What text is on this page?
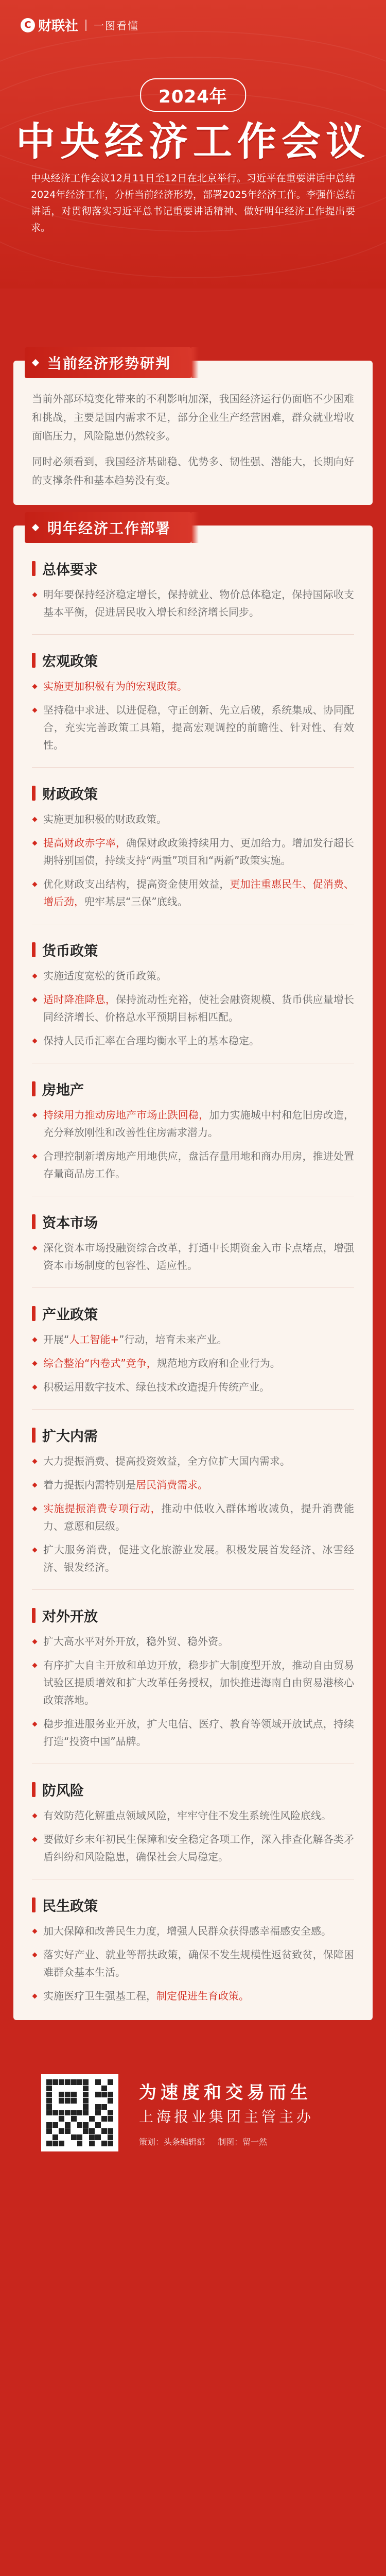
C 财联社 一图看懂
2024年
中央经济工作会议
中央经济工作会议12月11日至12日在北京举行。习近平在重要讲话中总结2024年经济工作，分析当前经济形势，部署2025年经济工作。李强作总结讲话，对贯彻落实习近平总书记重要讲话精神、做好明年经济工作提出要求。
当前经济形势研判

当前外部环境变化带来的不利影响加深，我国经济运行仍面临不少困难和挑战，主要是国内需求不足，部分企业生产经营困难，群众就业增收面临压力，风险隐患仍然较多。

同时必须看到，我国经济基础稳、优势多、韧性强、潜能大，长期向好的支撑条件和基本趋势没有变。

明年经济工作部署
总体要求
明年要保持经济稳定增长，保持就业、物价总体稳定，保持国际收支基本平衡，促进居民收入增长和经济增长同步。
宏观政策
实施更加积极有为的宏观政策。
坚持稳中求进、以进促稳，守正创新、先立后破，系统集成、协同配合，充实完善政策工具箱，提高宏观调控的前瞻性、针对性、有效性。
财政政策
实施更加积极的财政政策。
提高财政赤字率，确保财政政策持续用力、更加给力。增加发行超长期特别国债，持续支持“两重”项目和“两新”政策实施。
优化财政支出结构，提高资金使用效益，更加注重惠民生、促消费、增后劲，兜牢基层“三保”底线。
货币政策
实施适度宽松的货币政策。
适时降准降息，保持流动性充裕，使社会融资规模、货币供应量增长同经济增长、价格总水平预期目标相匹配。
保持人民币汇率在合理均衡水平上的基本稳定。
房地产
持续用力推动房地产市场止跌回稳，加力实施城中村和危旧房改造，充分释放刚性和改善性住房需求潜力。
合理控制新增房地产用地供应，盘活存量用地和商办用房，推进处置存量商品房工作。
资本市场
深化资本市场投融资综合改革，打通中长期资金入市卡点堵点，增强资本市场制度的包容性、适应性。
产业政策
开展“人工智能+”行动，培育未来产业。
综合整治“内卷式”竞争，规范地方政府和企业行为。
积极运用数字技术、绿色技术改造提升传统产业。
扩大内需
大力提振消费、提高投资效益，全方位扩大国内需求。
着力提振内需特别是居民消费需求。
实施提振消费专项行动，推动中低收入群体增收减负，提升消费能力、意愿和层级。
扩大服务消费，促进文化旅游业发展。积极发展首发经济、冰雪经济、银发经济。
对外开放
扩大高水平对外开放，稳外贸、稳外资。
有序扩大自主开放和单边开放，稳步扩大制度型开放，推动自由贸易试验区提质增效和扩大改革任务授权，加快推进海南自由贸易港核心政策落地。
稳步推进服务业开放，扩大电信、医疗、教育等领域开放试点，持续打造“投资中国”品牌。
防风险
有效防范化解重点领域风险，牢牢守住不发生系统性风险底线。
要做好乡末年初民生保障和安全稳定各项工作，深入排查化解各类矛盾纠纷和风险隐患，确保社会大局稳定。
民生政策
加大保障和改善民生力度，增强人民群众获得感幸福感安全感。
落实好产业、就业等帮扶政策，确保不发生规模性返贫致贫，保障困难群众基本生活。
实施医疗卫生强基工程，制定促进生育政策。
为速度和交易而生
上海报业集团主管主办
策划：头条编辑部 制图：留一然
